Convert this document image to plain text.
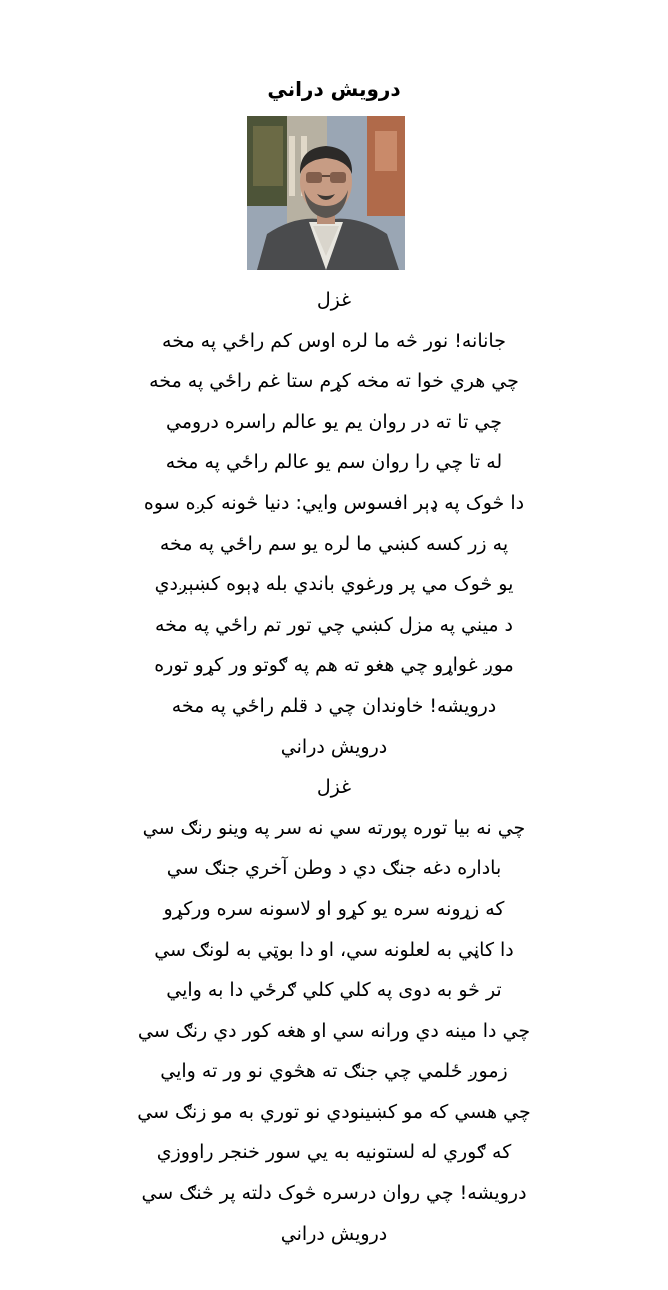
درويش دراني
غزل
جانانه! نور څه ما لره اوس کم راځي په مخه
چي هري خوا ته مخه کړم ستا غم راځي په مخه
چي تا ته در روان يم يو عالم راسره درومي
له تا چي را روان سم يو عالم راځي په مخه
دا څوک په ډېر افسوس وايي: دنيا څونه کږه سوه
په زر کسه کښي ما لره يو سم راځي په مخه
يو څوک مي پر ورغوي باندي بله ډېوه کښېږدي
د ميني په مزل کښي چي تور تم راځي په مخه
موږ غواړو چي هغو ته هم په ګوتو ور کړو توره
درويشه! خاوندان چي د قلم راځي په مخه
درويش دراني
غزل
چي نه بيا توره پورته سي نه سر په وينو رنګ سي
باداره دغه جنګ دي د وطن آخري جنګ سي
که زړونه سره يو کړو او لاسونه سره ورکړو
دا کاڼي به لعلونه سي، او دا بوټي به لونګ سي
تر څو به دوی په کلي کلي ګرځي دا به وايي
چي دا مينه دي ورانه سي او هغه کور دي رنګ سي
زموږ ځلمي چي جنګ ته هڅوي نو ور ته وايي
چي هسي که مو کښينودي نو توري به مو زنګ سي
که ګوري له لستونيه به يي سور خنجر راووزي
درويشه! چي روان درسره څوک دلته پر څنګ سي
درويش دراني
